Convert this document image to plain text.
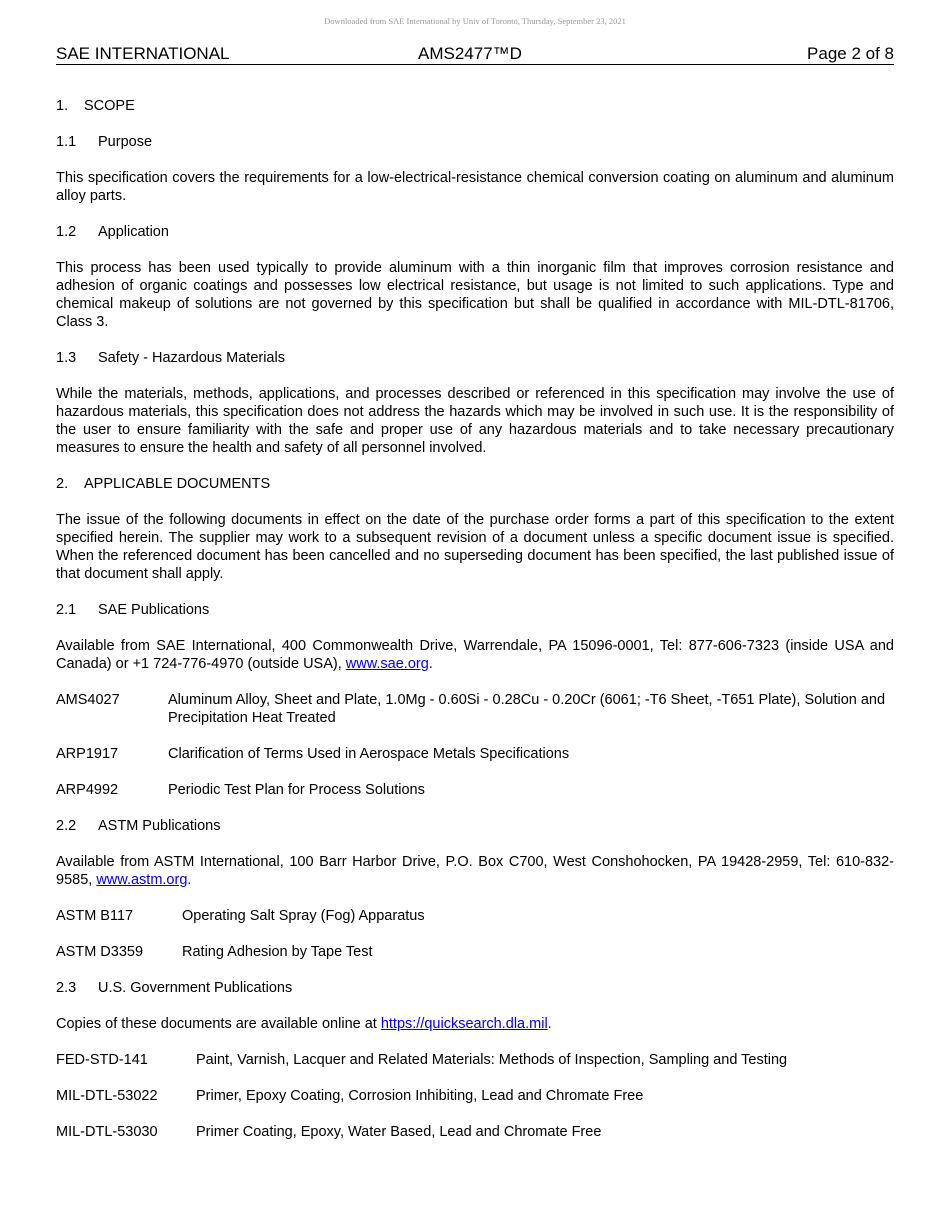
Downloaded from SAE International by Univ of Toronto, Thursday, September 23, 2021
SAE INTERNATIONAL	AMS2477™D	Page 2 of 8
1. SCOPE
1.1 Purpose

This specification covers the requirements for a low-electrical-resistance chemical conversion coating on aluminum and aluminum alloy parts.

1.2 Application

This process has been used typically to provide aluminum with a thin inorganic film that improves corrosion resistance and adhesion of organic coatings and possesses low electrical resistance, but usage is not limited to such applications. Type and chemical makeup of solutions are not governed by this specification but shall be qualified in accordance with MIL-DTL-81706, Class 3.

1.3 Safety - Hazardous Materials

While the materials, methods, applications, and processes described or referenced in this specification may involve the use of hazardous materials, this specification does not address the hazards which may be involved in such use. It is the responsibility of the user to ensure familiarity with the safe and proper use of any hazardous materials and to take necessary precautionary measures to ensure the health and safety of all personnel involved.

2. APPLICABLE DOCUMENTS

The issue of the following documents in effect on the date of the purchase order forms a part of this specification to the extent specified herein. The supplier may work to a subsequent revision of a document unless a specific document issue is specified. When the referenced document has been cancelled and no superseding document has been specified, the last published issue of that document shall apply.

2.1 SAE Publications

Available from SAE International, 400 Commonwealth Drive, Warrendale, PA 15096-0001, Tel: 877-606-7323 (inside USA and Canada) or +1 724-776-4970 (outside USA), www.sae.org.

AMS4027	Aluminum Alloy, Sheet and Plate, 1.0Mg - 0.60Si - 0.28Cu - 0.20Cr (6061; -T6 Sheet, -T651 Plate), Solution and Precipitation Heat Treated
ARP1917	Clarification of Terms Used in Aerospace Metals Specifications
ARP4992	Periodic Test Plan for Process Solutions
2.2 ASTM Publications

Available from ASTM International, 100 Barr Harbor Drive, P.O. Box C700, West Conshohocken, PA 19428-2959, Tel: 610-832-9585, www.astm.org.

ASTM B117	Operating Salt Spray (Fog) Apparatus
ASTM D3359	Rating Adhesion by Tape Test
2.3 U.S. Government Publications

Copies of these documents are available online at https://quicksearch.dla.mil.

FED-STD-141	Paint, Varnish, Lacquer and Related Materials: Methods of Inspection, Sampling and Testing
MIL-DTL-53022	Primer, Epoxy Coating, Corrosion Inhibiting, Lead and Chromate Free
MIL-DTL-53030	Primer Coating, Epoxy, Water Based, Lead and Chromate Free
